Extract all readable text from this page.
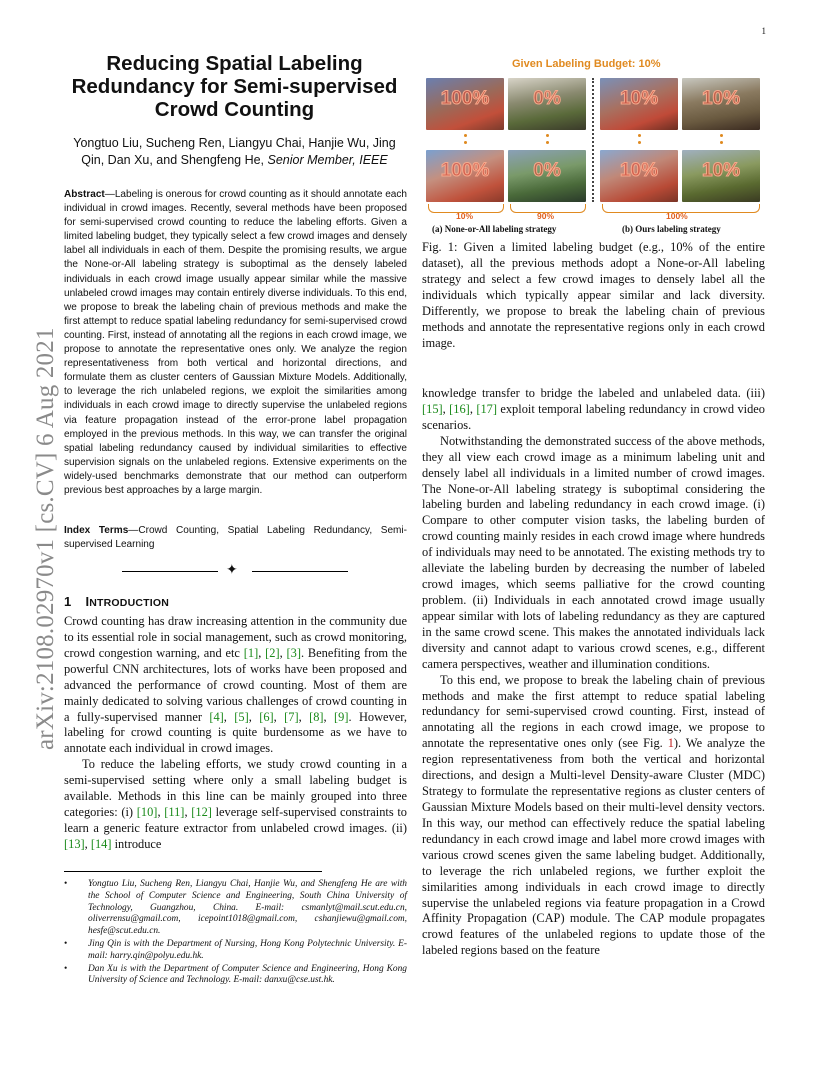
1
arXiv:2108.02970v1 [cs.CV] 6 Aug 2021
Reducing Spatial Labeling Redundancy for Semi-supervised Crowd Counting
Yongtuo Liu, Sucheng Ren, Liangyu Chai, Hanjie Wu, Jing Qin, Dan Xu, and Shengfeng He, Senior Member, IEEE
Abstract—Labeling is onerous for crowd counting as it should annotate each individual in crowd images. Recently, several methods have been proposed for semi-supervised crowd counting to reduce the labeling efforts. Given a limited labeling budget, they typically select a few crowd images and densely label all individuals in each of them. Despite the promising results, we argue the None-or-All labeling strategy is suboptimal as the densely labeled individuals in each crowd image usually appear similar while the massive unlabeled crowd images may contain entirely diverse individuals. To this end, we propose to break the labeling chain of previous methods and make the first attempt to reduce spatial labeling redundancy for semi-supervised crowd counting. First, instead of annotating all the regions in each crowd image, we propose to annotate the representative ones only. We analyze the region representativeness from both vertical and horizontal directions, and formulate them as cluster centers of Gaussian Mixture Models. Additionally, to leverage the rich unlabeled regions, we exploit the similarities among individuals in each crowd image to directly supervise the unlabeled regions via feature propagation instead of the error-prone label propagation employed in the previous methods. In this way, we can transfer the original spatial labeling redundancy caused by individual similarities to effective supervision signals on the unlabeled regions. Extensive experiments on the widely-used benchmarks demonstrate that our method can outperform previous best approaches by a large margin.
Index Terms—Crowd Counting, Spatial Labeling Redundancy, Semi-supervised Learning
✦
1 INTRODUCTION

Crowd counting has draw increasing attention in the community due to its essential role in social management, such as crowd monitoring, crowd congestion warning, and etc [1], [2], [3]. Benefiting from the powerful CNN architectures, lots of works have been proposed and advanced the performance of crowd counting. Most of them are mainly dedicated to solving various challenges of crowd counting in a fully-supervised manner [4], [5], [6], [7], [8], [9]. However, labeling for crowd counting is quite burdensome as we have to annotate each individual in crowd images.

To reduce the labeling efforts, we study crowd counting in a semi-supervised setting where only a small labeling budget is available. Methods in this line can be mainly grouped into three categories: (i) [10], [11], [12] leverage self-supervised constraints to learn a generic feature extractor from unlabeled crowd images. (ii) [13], [14] introduce

• Yongtuo Liu, Sucheng Ren, Liangyu Chai, Hanjie Wu, and Shengfeng He are with the School of Computer Science and Engineering, South China University of Technology, Guangzhou, China. E-mail: csmanlyt@mail.scut.edu.cn, oliverrensu@gmail.com, icepoint1018@gmail.com, cshanjiewu@gmail.com, hesfe@scut.edu.cn.
• Jing Qin is with the Department of Nursing, Hong Kong Polytechnic University. E-mail: harry.qin@polyu.edu.hk.
• Dan Xu is with the Department of Computer Science and Engineering, Hong Kong University of Science and Technology. E-mail: danxu@cse.ust.hk.
Given Labeling Budget: 10%
100%	0%
100%	0%
10%	10%
10%	10%
10%	90%	100%
(a) None-or-All labeling strategy	(b) Ours labeling strategy
Fig. 1: Given a limited labeling budget (e.g., 10% of the entire dataset), all the previous methods adopt a None-or-All labeling strategy and select a few crowd images to densely label all the individuals which typically appear similar and lack diversity. Differently, we propose to break the labeling chain of previous methods and annotate the representative regions only in each crowd image.

knowledge transfer to bridge the labeled and unlabeled data. (iii) [15], [16], [17] exploit temporal labeling redundancy in crowd video scenarios.

Notwithstanding the demonstrated success of the above methods, they all view each crowd image as a minimum labeling unit and densely label all individuals in a limited number of crowd images. The None-or-All labeling strategy is suboptimal considering the labeling burden and labeling redundancy in each crowd image. (i) Compare to other computer vision tasks, the labeling burden of crowd counting mainly resides in each crowd image where hundreds of individuals may need to be annotated. The existing methods try to alleviate the labeling burden by decreasing the number of labeled crowd images, which seems palliative for the crowd counting problem. (ii) Individuals in each annotated crowd image usually appear similar with lots of labeling redundancy as they are captured in the same crowd scene. This makes the annotated individuals lack diversity and cannot adapt to various crowd scenes, e.g., different camera perspectives, weather and illumination conditions.

To this end, we propose to break the labeling chain of previous methods and make the first attempt to reduce spatial labeling redundancy for semi-supervised crowd counting. First, instead of annotating all the regions in each crowd image, we propose to annotate the representative ones only (see Fig. 1). We analyze the region representativeness from both the vertical and horizontal directions, and design a Multi-level Density-aware Cluster (MDC) Strategy to formulate the representative regions as cluster centers of Gaussian Mixture Models based on their multi-level density vectors. In this way, our method can effectively reduce the spatial labeling redundancy in each crowd image and label more crowd images with various crowd scenes given the same labeling budget. Additionally, to leverage the rich unlabeled regions, we further exploit the similarities among individuals in each crowd image to directly supervise the unlabeled regions via feature propagation in a Crowd Affinity Propagation (CAP) module. The CAP module propagates crowd features of the unlabeled regions to update those of the labeled regions based on the feature
